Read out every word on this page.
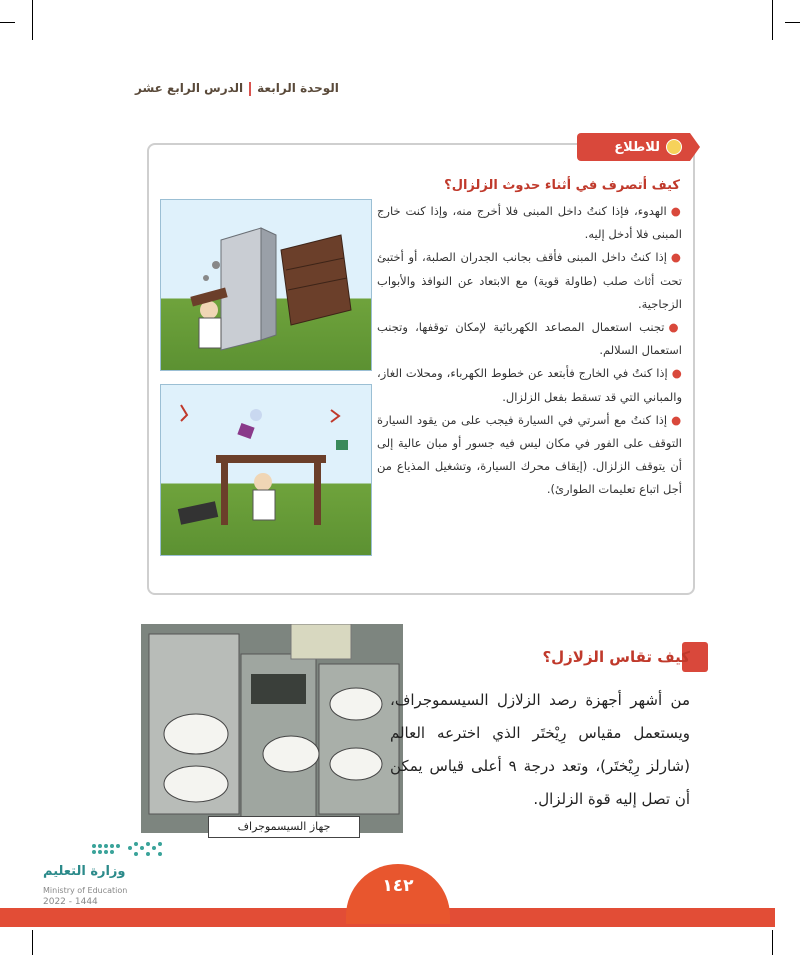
الوحدة الرابعةالدرس الرابع عشر
للاطلاع
كيف أتصرف في أثناء حدوث الزلزال؟

●الهدوء، فإذا كنتُ داخل المبنى فلا أخرج منه، وإذا كنت خارج المبنى فلا أدخل إليه.

●إذا كنتُ داخل المبنى فأقف بجانب الجدران الصلبة، أو أختبئ تحت أثاث صلب (طاولة قوية) مع الابتعاد عن النوافذ والأبواب الزجاجية.

●تجنب استعمال المصاعد الكهربائية لإمكان توقفها، وتجنب استعمال السلالم.

●إذا كنتُ في الخارج فأبتعد عن خطوط الكهرباء، ومحلات الغاز، والمباني التي قد تسقط بفعل الزلزال.

●إذا كنتُ مع أسرتي في السيارة فيجب على من يقود السيارة التوقف على الفور في مكان ليس فيه جسور أو مبان عالية إلى أن يتوقف الزلزال. (إيقاف محرك السيارة، وتشغيل المذياع من أجل اتباع تعليمات الطوارئ).

جهاز السيسموجراف
كيف تقاس الزلازل؟
من أشهر أجهزة رصد الزلازل السيسموجراف، ويستعمل مقياس رِيْختَر الذي اخترعه العالم (شارلز رِيْختَر)، وتعد درجة ٩ أعلى قياس يمكن أن تصل إليه قوة الزلزال.
وزارة التعليم
Ministry of Education
2022 - 1444
١٤٢
